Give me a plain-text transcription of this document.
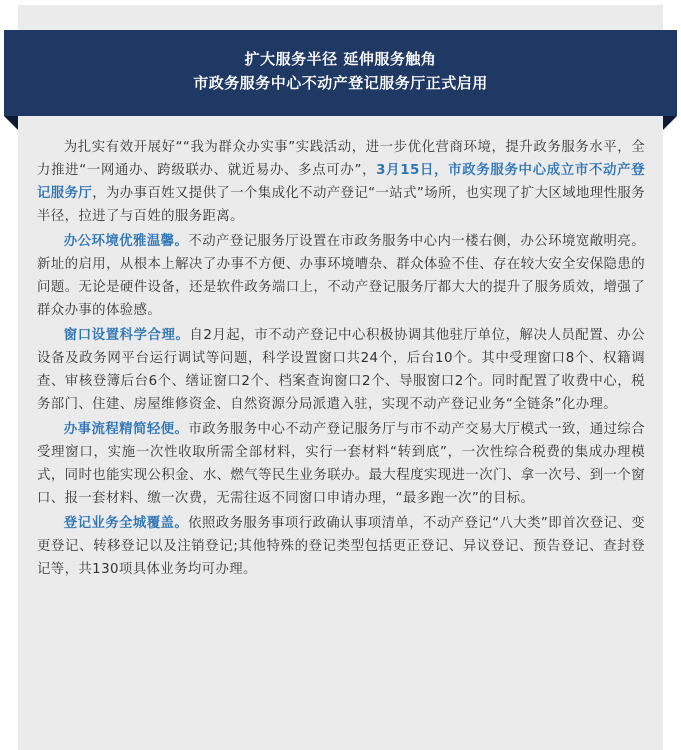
扩大服务半径 延伸服务触角
市政务服务中心不动产登记服务厅正式启用

为扎实有效开展好““我为群众办实事”实践活动，进一步优化营商环境，提升政务服务水平，全力推进“一网通办、跨级联办、就近易办、多点可办”，3月15日，市政务服务中心成立市不动产登记服务厅，为办事百姓又提供了一个集成化不动产登记“一站式”场所，也实现了扩大区域地理性服务半径，拉进了与百姓的服务距离。

办公环境优雅温馨。不动产登记服务厅设置在市政务服务中心内一楼右侧，办公环境宽敞明亮。新址的启用，从根本上解决了办事不方便、办事环境嘈杂、群众体验不佳、存在较大安全安保隐患的问题。无论是硬件设备，还是软件政务端口上，不动产登记服务厅都大大的提升了服务质效，增强了群众办事的体验感。

窗口设置科学合理。自2月起，市不动产登记中心积极协调其他驻厅单位，解决人员配置、办公设备及政务网平台运行调试等问题，科学设置窗口共24个，后台10个。其中受理窗口8个、权籍调查、审核登簿后台6个、缮证窗口2个、档案查询窗口2个、导服窗口2个。同时配置了收费中心，税务部门、住建、房屋维修资金、自然资源分局派遣入驻，实现不动产登记业务“全链条”化办理。

办事流程精简轻便。市政务服务中心不动产登记服务厅与市不动产交易大厅模式一致，通过综合受理窗口，实施一次性收取所需全部材料，实行一套材料“转到底”，一次性综合税费的集成办理模式，同时也能实现公积金、水、燃气等民生业务联办。最大程度实现进一次门、拿一次号、到一个窗口、报一套材料、缴一次费，无需往返不同窗口申请办理，“最多跑一次”的目标。

登记业务全城覆盖。依照政务服务事项行政确认事项清单，不动产登记“八大类”即首次登记、变更登记、转移登记以及注销登记;其他特殊的登记类型包括更正登记、异议登记、预告登记、查封登记等，共130项具体业务均可办理。
